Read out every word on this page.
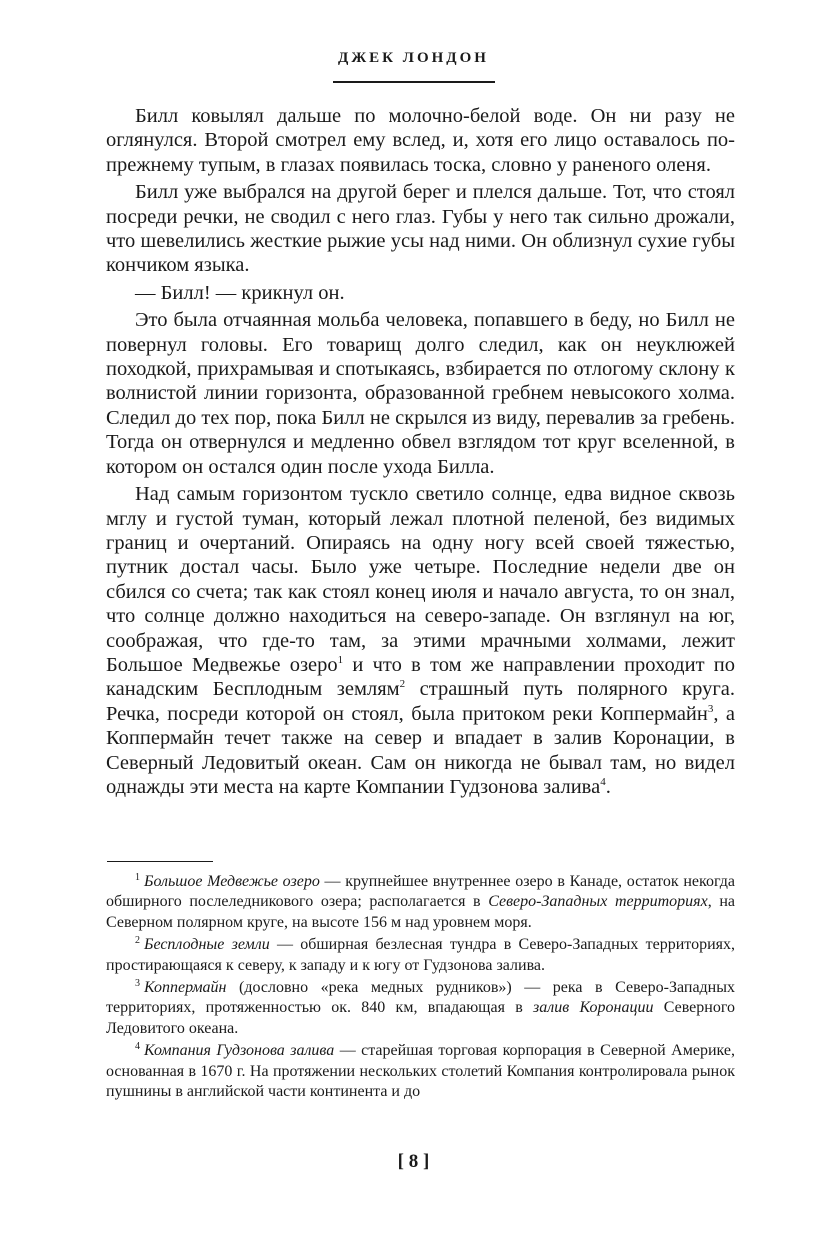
ДЖЕК ЛОНДОН

Билл ковылял дальше по молочно-белой воде. Он ни разу не оглянулся. Второй смотрел ему вслед, и, хотя его лицо оставалось по-прежнему тупым, в глазах появилась тоска, словно у раненого оленя.

Билл уже выбрался на другой берег и плелся дальше. Тот, что стоял посреди речки, не сводил с него глаз. Губы у него так сильно дрожали, что шевелились жесткие рыжие усы над ними. Он облизнул сухие губы кончиком языка.

— Билл! — крикнул он.

Это была отчаянная мольба человека, попавшего в беду, но Билл не повернул головы. Его товарищ долго следил, как он неуклюжей походкой, прихрамывая и спотыкаясь, взбирается по отлогому склону к волнистой линии горизонта, образованной гребнем невысокого холма. Следил до тех пор, пока Билл не скрылся из виду, перевалив за гребень. Тогда он отвернулся и медленно обвел взглядом тот круг вселенной, в котором он остался один после ухода Билла.

Над самым горизонтом тускло светило солнце, едва видное сквозь мглу и густой туман, который лежал плотной пеленой, без видимых границ и очертаний. Опираясь на одну ногу всей своей тяжестью, путник достал часы. Было уже четыре. Последние недели две он сбился со счета; так как стоял конец июля и начало августа, то он знал, что солнце должно находиться на северо-западе. Он взглянул на юг, соображая, что где-то там, за этими мрачными холмами, лежит Большое Медвежье озеро$^1$ и что в том же направлении проходит по канадским Бесплодным землям$^2$ страшный путь полярного круга. Речка, посреди которой он стоял, была притоком реки Коппермайн$^3$, а Коппермайн течет также на север и впадает в залив Коронации, в Северный Ледовитый океан. Сам он никогда не бывал там, но видел однажды эти места на карте Компании Гудзонова залива$^4$.

$^1$ Большое Медвежье озеро — крупнейшее внутреннее озеро в Канаде, остаток некогда обширного послеледникового озера; располагается в Северо-Западных территориях, на Северном полярном круге, на высоте 156 м над уровнем моря.

$^2$ Бесплодные земли — обширная безлесная тундра в Северо-Западных территориях, простирающаяся к северу, к западу и к югу от Гудзонова залива.

$^3$ Коппермайн (дословно «река медных рудников») — река в Северо-Западных территориях, протяженностью ок. 840 км, впадающая в залив Коронации Северного Ледовитого океана.

$^4$ Компания Гудзонова залива — старейшая торговая корпорация в Северной Америке, основанная в 1670 г. На протяжении нескольких столетий Компания контролировала рынок пушнины в английской части континента и до

[ 8 ]
